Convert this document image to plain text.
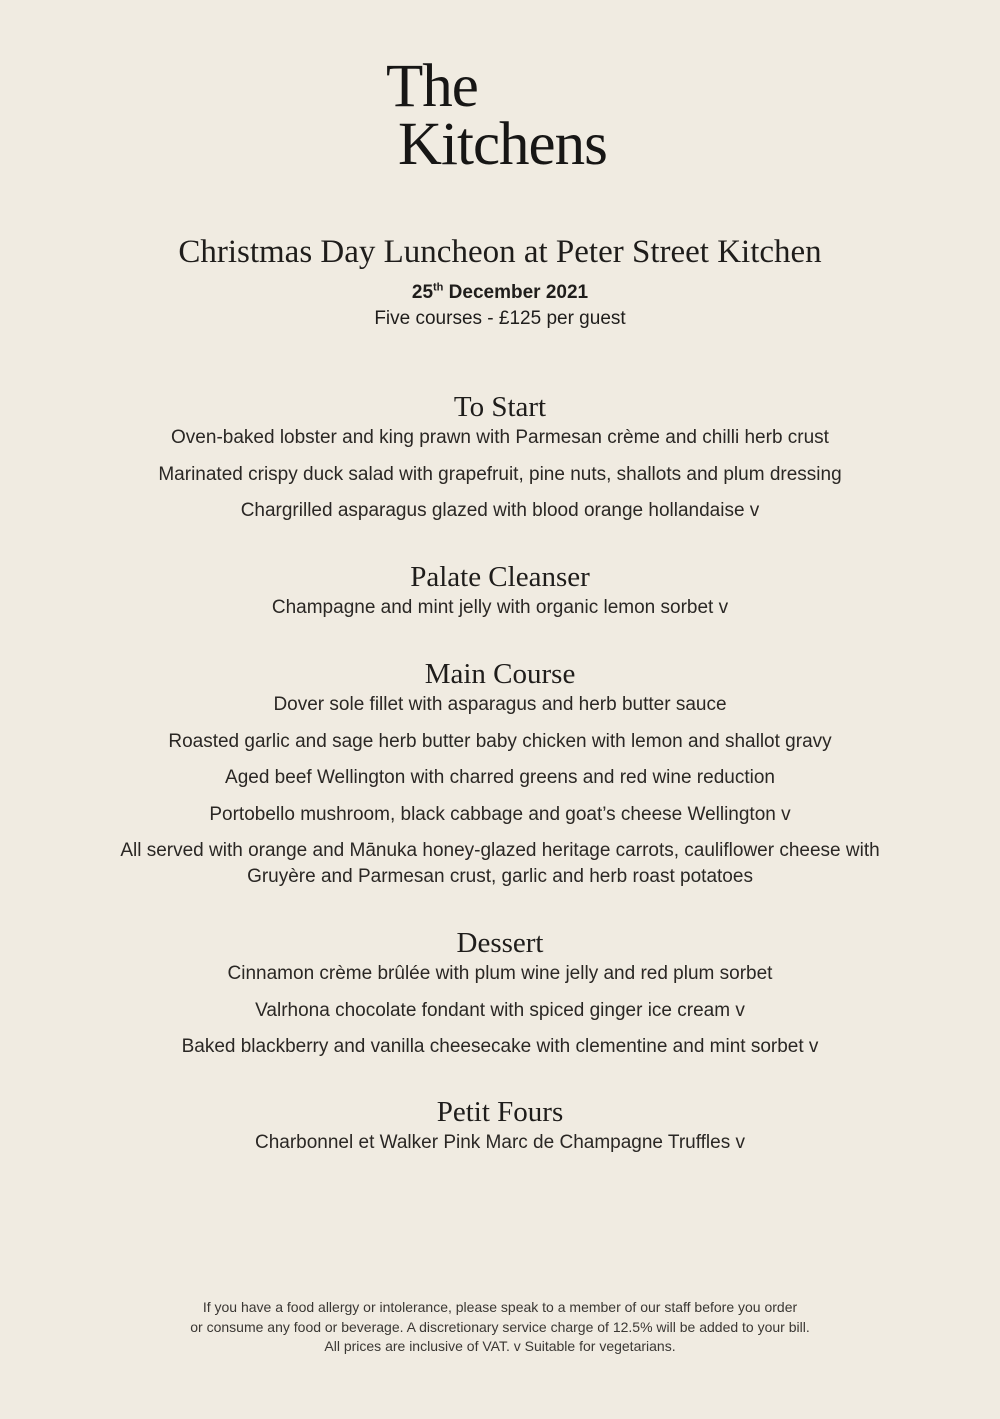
The
Kitchens
Christmas Day Luncheon at Peter Street Kitchen
25th December 2021
Five courses - £125 per guest
To Start

Oven-baked lobster and king prawn with Parmesan crème and chilli herb crust

Marinated crispy duck salad with grapefruit, pine nuts, shallots and plum dressing

Chargrilled asparagus glazed with blood orange hollandaise v

Palate Cleanser

Champagne and mint jelly with organic lemon sorbet v

Main Course

Dover sole fillet with asparagus and herb butter sauce

Roasted garlic and sage herb butter baby chicken with lemon and shallot gravy

Aged beef Wellington with charred greens and red wine reduction

Portobello mushroom, black cabbage and goat’s cheese Wellington v

All served with orange and Mānuka honey-glazed heritage carrots, cauliflower cheese with Gruyère and Parmesan crust, garlic and herb roast potatoes

Dessert

Cinnamon crème brûlée with plum wine jelly and red plum sorbet

Valrhona chocolate fondant with spiced ginger ice cream v

Baked blackberry and vanilla cheesecake with clementine and mint sorbet v

Petit Fours

Charbonnel et Walker Pink Marc de Champagne Truffles v

If you have a food allergy or intolerance, please speak to a member of our staff before you order
or consume any food or beverage. A discretionary service charge of 12.5% will be added to your bill.
All prices are inclusive of VAT. v Suitable for vegetarians.
